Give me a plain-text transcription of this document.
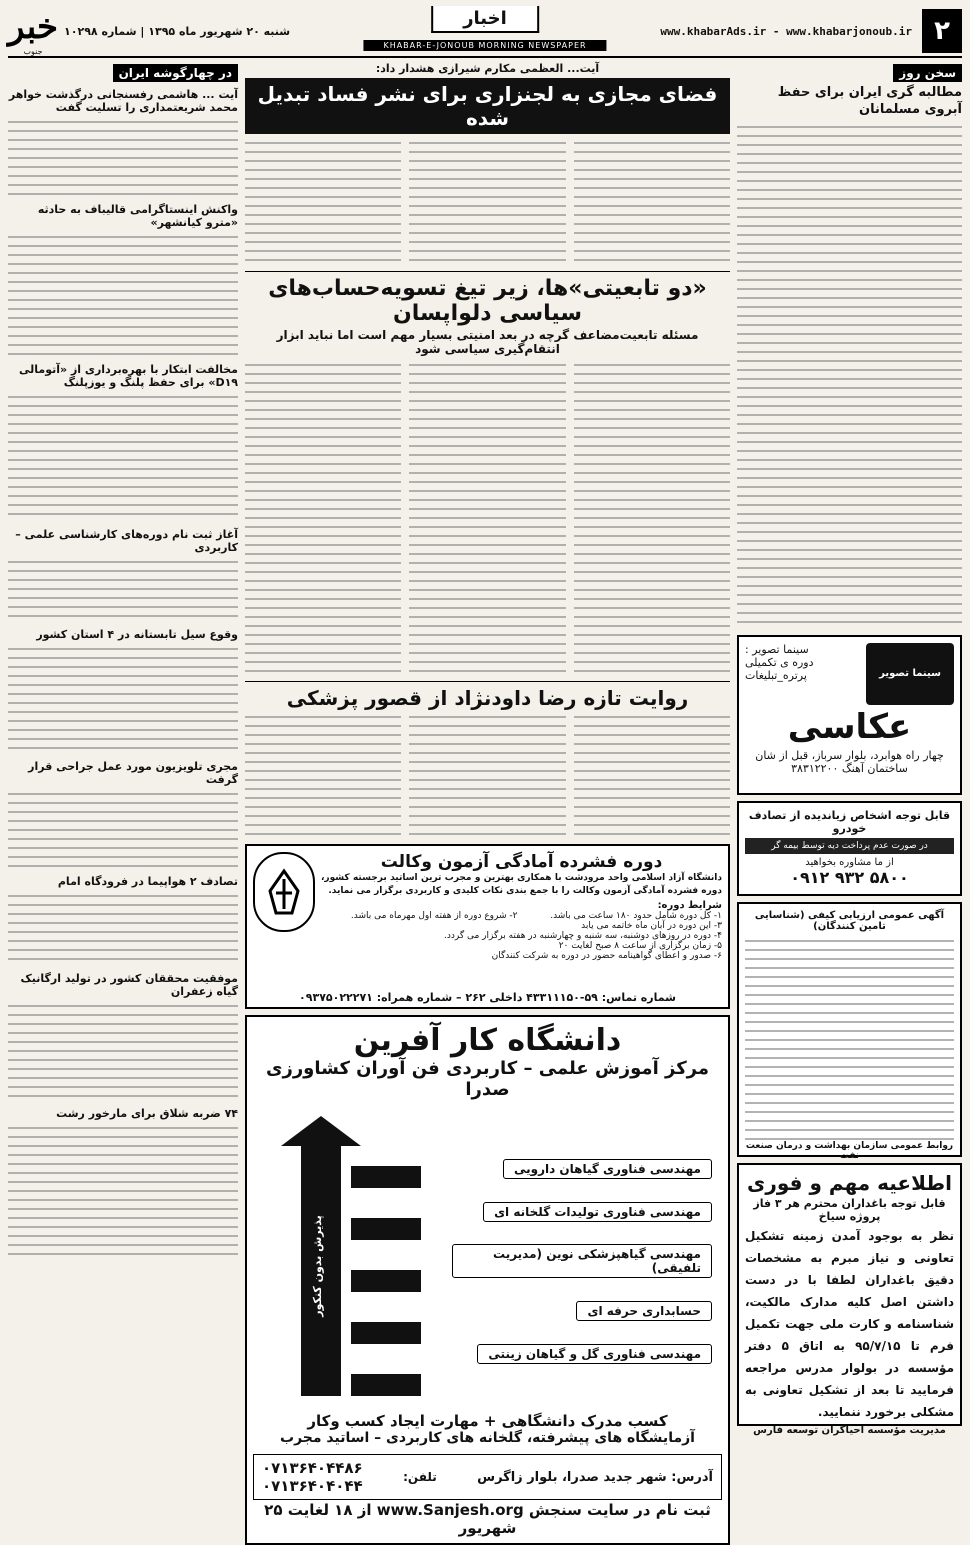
۲
www.khabarAds.ir - www.khabarjonoub.ir
اخبار
KHABAR-E-JONOUB MORNING NEWSPAPER
شنبه ۲۰ شهریور ماه ۱۳۹۵ | شماره ۱۰۲۹۸
خبر
جنوب
سخن روز
مطالبه گری ایران برای حفظ آبروی مسلمانان
سینما تصویر
سینما تصویر :
دوره ی تکمیلی
پرتره_تبلیغات
عکاسی
چهار راه هوابرد، بلوار سرباز، قبل از شان
ساختمان آهنگ ۳۸۳۱۲۲۰۰
قابل توجه اشخاص زیاندیده از تصادف خودرو
در صورت عدم پرداخت دیه توسط بیمه گر
از ما مشاوره بخواهید
۰۹۱۲ ۹۳۲ ۵۸۰۰
آگهی عمومی ارزیابی کیفی (شناسایی تامین کنندگان)
روابط عمومی سازمان بهداشت و درمان صنعت نفت
اطلاعیه مهم و فوری
قابل توجه باغداران محترم هر ۳ فاز پروژه سیاخ
نظر به بوجود آمدن زمینه تشکیل تعاونی و نیاز مبرم به مشخصات دقیق باغداران لطفا با در دست داشتن اصل کلیه مدارک مالکیت، شناسنامه و کارت ملی جهت تکمیل فرم تا ۹۵/۷/۱۵ به اتاق ۵ دفتر مؤسسه در بولوار مدرس مراجعه فرمایید تا بعد از تشکیل تعاونی به مشکلی برخورد ننمایید.
مدیریت مؤسسه احیاگران توسعه فارس
آیت... العظمی مکارم شیرازی هشدار داد:
فضای مجازی به لجنزاری برای نشر فساد تبدیل شده
«دو تابعیتی»ها، زیر تیغ تسویه‌حساب‌های سیاسی دلواپسان
مسئله تابعیت‌مضاعف گرچه در بعد امنیتی بسیار مهم است اما نباید ابزار انتقام‌گیری سیاسی شود
روایت تازه رضا داودنژاد از قصور پزشکی
دوره فشرده آمادگی آزمون وکالت
دانشگاه آزاد اسلامی واحد مرودشت با همکاری بهترین و مجرب ترین اساتید برجسته کشور، دوره فشرده آمادگی آزمون وکالت را با جمع بندی نکات کلیدی و کاربردی برگزار می نماید.
شرایط دوره:
۱- کل دوره شامل حدود ۱۸۰ ساعت می باشد.
۲- شروع دوره از هفته اول مهرماه می باشد.
۳- این دوره در آبان ماه خاتمه می یابد
۴- دوره در روزهای دوشنبه، سه شنبه و چهارشنبه در هفته برگزار می گردد.
۵- زمان برگزاری از ساعت ۸ صبح لغایت ۲۰
۶- صدور و اعطای گواهینامه حضور در دوره به شرکت کنندگان
شماره تماس: ۵۹-۴۳۳۱۱۱۵۰ داخلی ۲۶۲ – شماره همراه: ۰۹۳۷۵۰۲۲۲۷۱
دانشگاه کار آفرین
مرکز آموزش علمی – کاربردی فن آوران کشاورزی صدرا
پذیرش بدون کنکور
مهندسی فناوری گیاهان دارویی
مهندسی فناوری تولیدات گلخانه ای
مهندسی گیاهپزشکی نوین (مدیریت تلفیقی)
حسابداری حرفه ای
مهندسی فناوری گل و گیاهان زینتی
کسب مدرک دانشگاهی + مهارت ایجاد کسب وکار
آزمایشگاه های پیشرفته، گلخانه های کاربردی – اساتید مجرب
آدرس: شهر جدید صدرا، بلوار زاگرس
تلفن:
۰۷۱۳۶۴۰۴۴۸۶
۰۷۱۳۶۴۰۴۰۴۴
ثبت نام در سایت سنجش www.Sanjesh.org از ۱۸ لغایت ۲۵ شهریور
در چهارگوشه ایران
آیت ... هاشمی رفسنجانی درگذشت خواهر محمد شریعتمداری را تسلیت گفت
واکنش اینستاگرامی قالیباف به حادثه «مترو کیانشهر»
مخالفت ابتکار با بهره‌برداری از «آتومالی D۱۹» برای حفظ پلنگ و یوزپلنگ
آغاز ثبت نام دوره‌های کارشناسی علمی – کاربردی
وقوع سیل تابستانه در ۴ استان کشور
مجری تلویزیون مورد عمل جراحی قرار گرفت
تصادف ۲ هواپیما در فرودگاه امام
موفقیت محققان کشور در تولید ارگانیک گیاه زعفران
۷۴ ضربه شلاق برای مارخور رشت
